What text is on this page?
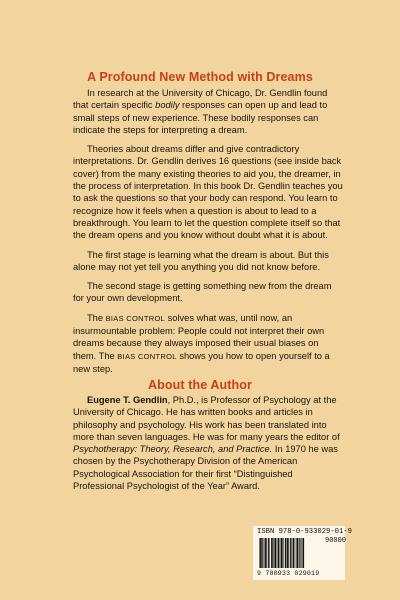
A Profound New Method with Dreams

In research at the University of Chicago, Dr. Gendlin found that certain specific bodily responses can open up and lead to small steps of new experience. These bodily responses can indicate the steps for interpreting a dream.

Theories about dreams differ and give contradictory interpretations. Dr. Gendlin derives 16 questions (see inside back cover) from the many existing theories to aid you, the dreamer, in the process of interpretation. In this book Dr. Gendlin teaches you to ask the questions so that your body can respond. You learn to recognize how it feels when a question is about to lead to a breakthrough. You learn to let the question complete itself so that the dream opens and you know without doubt what it is about.

The first stage is learning what the dream is about. But this alone may not yet tell you anything you did not know before.

The second stage is getting something new from the dream for your own development.

The BIAS CONTROL solves what was, until now, an insurmountable problem: People could not interpret their own dreams because they always imposed their usual biases on them. The BIAS CONTROL shows you how to open yourself to a new step.

About the Author

Eugene T. Gendlin, Ph.D., is Professor of Psychology at the University of Chicago. He has written books and articles in philosophy and psychology. His work has been translated into more than seven languages. He was for many years the editor of Psychotherapy: Theory, Research, and Practice. In 1970 he was chosen by the Psychotherapy Division of the American Psychological Association for their first “Distinguished Professional Psychologist of the Year” Award.

ISBN 978-0-933029-01-9
90000
9 780933 029019
